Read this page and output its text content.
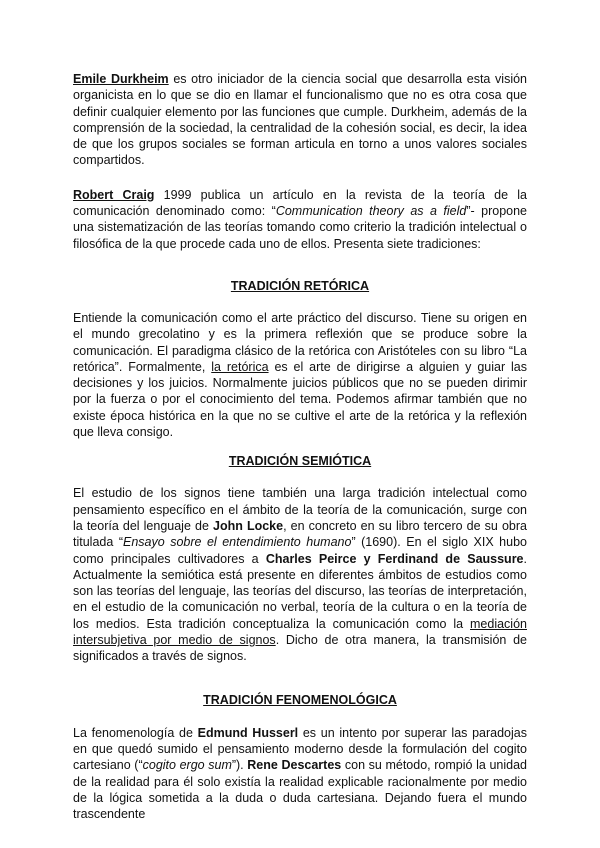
Emile Durkheim es otro iniciador de la ciencia social que desarrolla esta visión organicista en lo que se dio en llamar el funcionalismo que no es otra cosa que definir cualquier elemento por las funciones que cumple. Durkheim, además de la comprensión de la sociedad, la centralidad de la cohesión social, es decir, la idea de que los grupos sociales se forman articula en torno a unos valores sociales compartidos.

Robert Craig 1999 publica un artículo en la revista de la teoría de la comunicación denominado como: “Communication theory as a field”- propone una sistematización de las teorías tomando como criterio la tradición intelectual o filosófica de la que procede cada uno de ellos. Presenta siete tradiciones:

TRADICIÓN RETÓRICA

Entiende la comunicación como el arte práctico del discurso. Tiene su origen en el mundo grecolatino y es la primera reflexión que se produce sobre la comunicación. El paradigma clásico de la retórica con Aristóteles con su libro “La retórica”. Formalmente, la retórica es el arte de dirigirse a alguien y guiar las decisiones y los juicios. Normalmente juicios públicos que no se pueden dirimir por la fuerza o por el conocimiento del tema. Podemos afirmar también que no existe época histórica en la que no se cultive el arte de la retórica y la reflexión que lleva consigo.

TRADICIÓN SEMIÓTICA

El estudio de los signos tiene también una larga tradición intelectual como pensamiento específico en el ámbito de la teoría de la comunicación, surge con la teoría del lenguaje de John Locke, en concreto en su libro tercero de su obra titulada “Ensayo sobre el entendimiento humano” (1690). En el siglo XIX hubo como principales cultivadores a Charles Peirce y Ferdinand de Saussure. Actualmente la semiótica está presente en diferentes ámbitos de estudios como son las teorías del lenguaje, las teorías del discurso, las teorías de interpretación, en el estudio de la comunicación no verbal, teoría de la cultura o en la teoría de los medios. Esta tradición conceptualiza la comunicación como la mediación intersubjetiva por medio de signos. Dicho de otra manera, la transmisión de significados a través de signos.

TRADICIÓN FENOMENOLÓGICA

La fenomenología de Edmund Husserl es un intento por superar las paradojas en que quedó sumido el pensamiento moderno desde la formulación del cogito cartesiano (“cogito ergo sum”). Rene Descartes con su método, rompió la unidad de la realidad para él solo existía la realidad explicable racionalmente por medio de la lógica sometida a la duda o duda cartesiana. Dejando fuera el mundo trascendente
